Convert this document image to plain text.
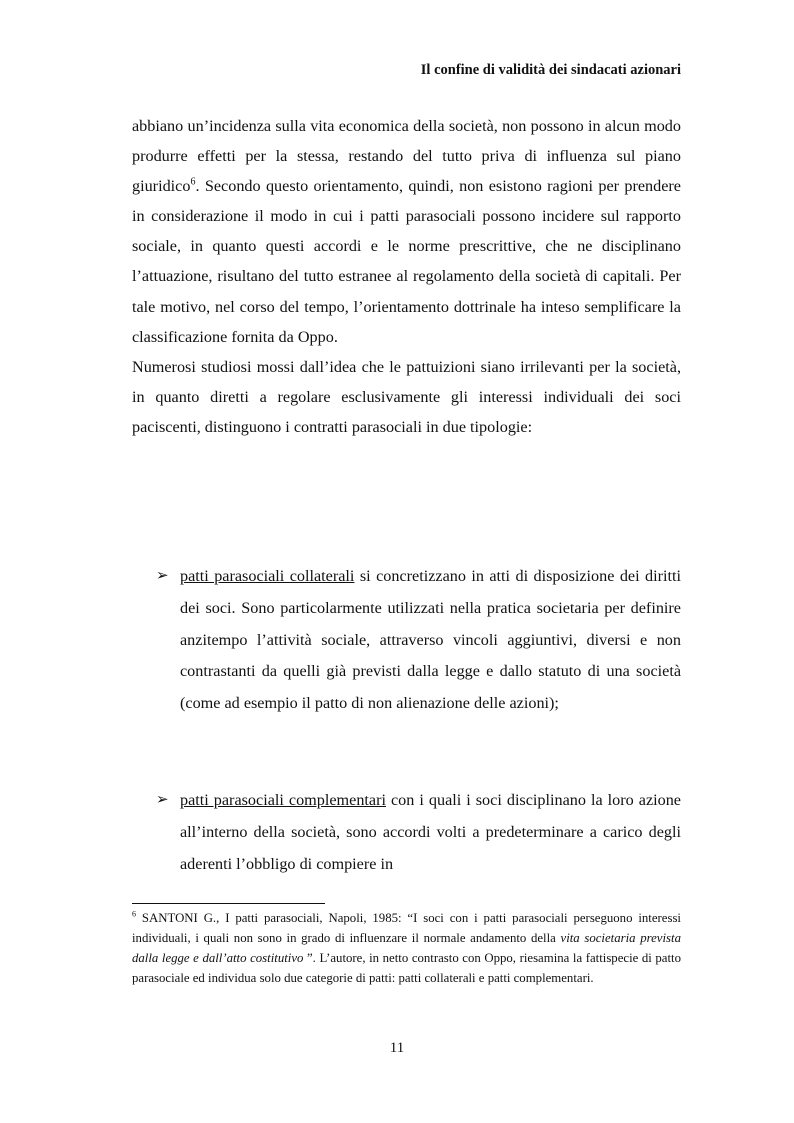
Il confine di validità dei sindacati azionari

abbiano un’incidenza sulla vita economica della società, non possono in alcun modo produrre effetti per la stessa, restando del tutto priva di influenza sul piano giuridico$^6$. Secondo questo orientamento, quindi, non esistono ragioni per prendere in considerazione il modo in cui i patti parasociali possono incidere sul rapporto sociale, in quanto questi accordi e le norme prescrittive, che ne disciplinano l’attuazione, risultano del tutto estranee al regolamento della società di capitali. Per tale motivo, nel corso del tempo, l’orientamento dottrinale ha inteso semplificare la classificazione fornita da Oppo.

Numerosi studiosi mossi dall’idea che le pattuizioni siano irrilevanti per la società, in quanto diretti a regolare esclusivamente gli interessi individuali dei soci paciscenti, distinguono i contratti parasociali in due tipologie:

➢ patti parasociali collaterali si concretizzano in atti di disposizione dei diritti dei soci. Sono particolarmente utilizzati nella pratica societaria per definire anzitempo l’attività sociale, attraverso vincoli aggiuntivi, diversi e non contrastanti da quelli già previsti dalla legge e dallo statuto di una società (come ad esempio il patto di non alienazione delle azioni);
➢ patti parasociali complementari con i quali i soci disciplinano la loro azione all’interno della società, sono accordi volti a predeterminare a carico degli aderenti l’obbligo di compiere in
$^6$ SANTONI G., I patti parasociali, Napoli, 1985: “I soci con i patti parasociali perseguono interessi individuali, i quali non sono in grado di influenzare il normale andamento della vita societaria prevista dalla legge e dall’atto costitutivo ”. L’autore, in netto contrasto con Oppo, riesamina la fattispecie di patto parasociale ed individua solo due categorie di patti: patti collaterali e patti complementari.
11
